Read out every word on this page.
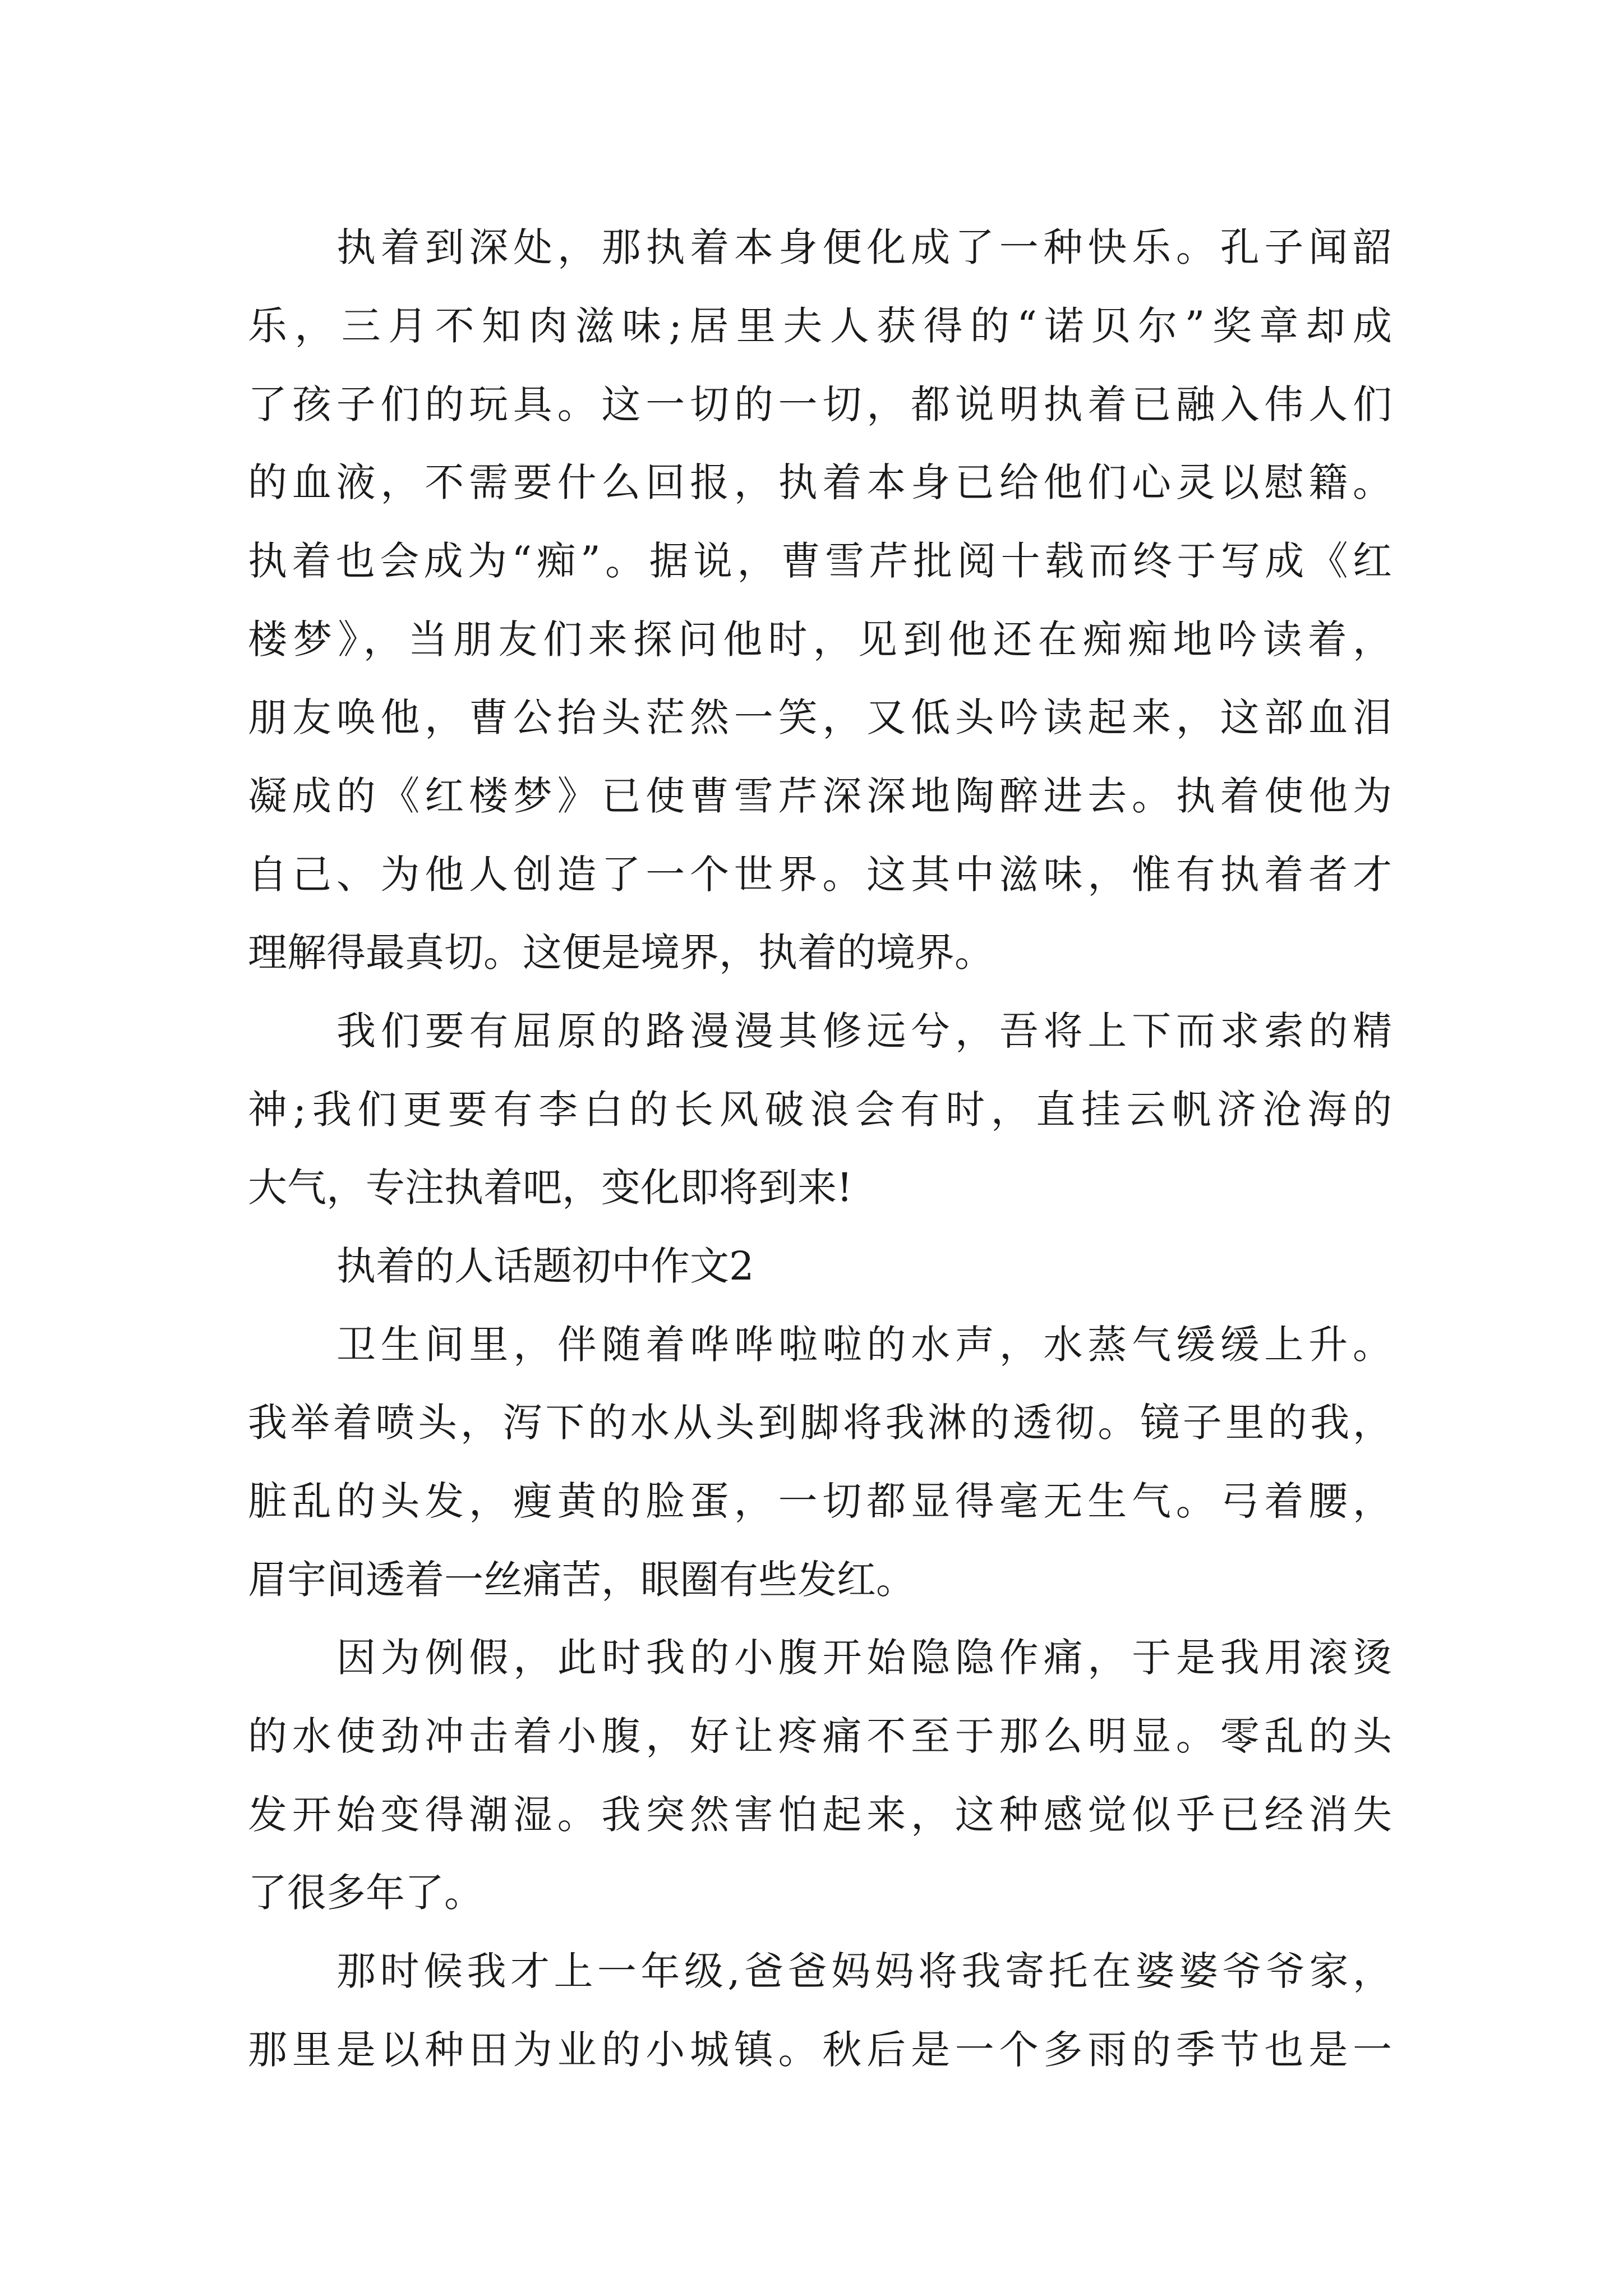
执着到深处，那执着本身便化成了一种快乐。孔子闻韶
乐，三月不知肉滋味;居里夫人获得的“诺贝尔”奖章却成
了孩子们的玩具。这一切的一切，都说明执着已融入伟人们
的血液，不需要什么回报，执着本身已给他们心灵以慰籍。
执着也会成为“痴”。据说，曹雪芹批阅十载而终于写成《红
楼梦》，当朋友们来探问他时，见到他还在痴痴地吟读着，
朋友唤他，曹公抬头茫然一笑，又低头吟读起来，这部血泪
凝成的《红楼梦》已使曹雪芹深深地陶醉进去。执着使他为
自己、为他人创造了一个世界。这其中滋味，惟有执着者才
理解得最真切。这便是境界，执着的境界。
我们要有屈原的路漫漫其修远兮，吾将上下而求索的精
神;我们更要有李白的长风破浪会有时，直挂云帆济沧海的
大气，专注执着吧，变化即将到来!
执着的人话题初中作文2
卫生间里，伴随着哗哗啦啦的水声，水蒸气缓缓上升。
我举着喷头，泻下的水从头到脚将我淋的透彻。镜子里的我，
脏乱的头发，瘦黄的脸蛋，一切都显得毫无生气。弓着腰，
眉宇间透着一丝痛苦，眼圈有些发红。
因为例假，此时我的小腹开始隐隐作痛，于是我用滚烫
的水使劲冲击着小腹，好让疼痛不至于那么明显。零乱的头
发开始变得潮湿。我突然害怕起来，这种感觉似乎已经消失
了很多年了。
那时候我才上一年级,爸爸妈妈将我寄托在婆婆爷爷家，
那里是以种田为业的小城镇。秋后是一个多雨的季节也是一
